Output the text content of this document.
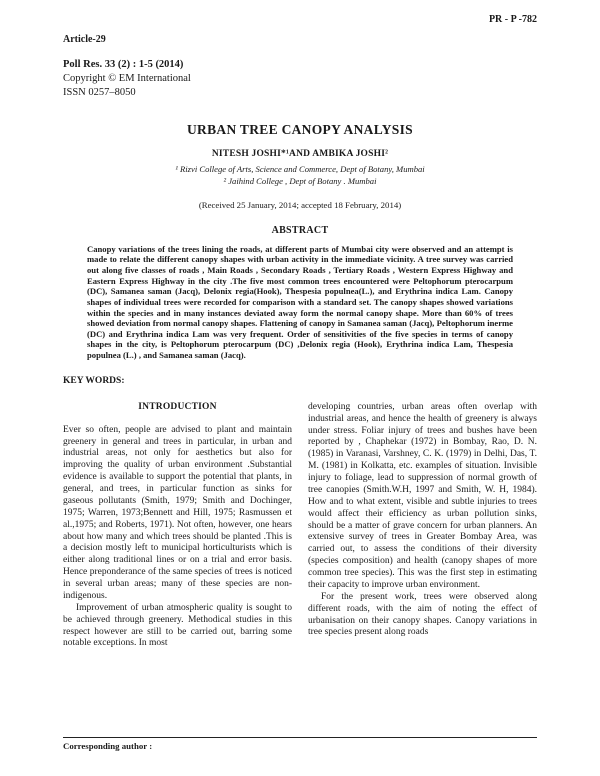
PR - P -782
Article-29
Poll Res. 33 (2) : 1-5 (2014)
Copyright © EM International
ISSN 0257–8050
URBAN TREE CANOPY ANALYSIS
NITESH JOSHI*¹AND AMBIKA JOSHI²
¹ Rizvi College of Arts, Science and Commerce, Dept of Botany, Mumbai
² Jaihind College , Dept of Botany . Mumbai
(Received 25 January, 2014; accepted 18 February, 2014)
ABSTRACT

Canopy variations of the trees lining the roads, at different parts of Mumbai city were observed and an attempt is made to relate the different canopy shapes with urban activity in the immediate vicinity. A tree survey was carried out along five classes of roads , Main Roads , Secondary Roads , Tertiary Roads , Western Express Highway and Eastern Express Highway in the city .The five most common trees encountered were Peltophorum pterocarpum (DC), Samanea saman (Jacq), Delonix regia(Hook), Thespesia populnea(L.), and Erythrina indica Lam. Canopy shapes of individual trees were recorded for comparison with a standard set. The canopy shapes showed variations within the species and in many instances deviated away form the normal canopy shape. More than 60% of trees showed deviation from normal canopy shapes. Flattening of canopy in Samanea saman (Jacq), Peltophorum inerme (DC) and Erythrina indica Lam was very frequent. Order of sensitivities of the five species in terms of canopy shapes in the city, is Peltophorum pterocarpum (DC) ,Delonix regia (Hook), Erythrina indica Lam, Thespesia populnea (L.) , and Samanea saman (Jacq).

KEY WORDS:
INTRODUCTION

Ever so often, people are advised to plant and maintain greenery in general and trees in particular, in urban and industrial areas, not only for aesthetics but also for improving the quality of urban environment .Substantial evidence is available to support the potential that plants, in general, and trees, in particular function as sinks for gaseous pollutants (Smith, 1979; Smith and Dochinger, 1975; Warren, 1973;Bennett and Hill, 1975; Rasmussen et al.,1975; and Roberts, 1971). Not often, however, one hears about how many and which trees should be planted .This is a decision mostly left to municipal horticulturists which is either along traditional lines or on a trial and error basis. Hence preponderance of the same species of trees is noticed in several urban areas; many of these species are non-indigenous.

Improvement of urban atmospheric quality is sought to be achieved through greenery. Methodical studies in this respect however are still to be carried out, barring some notable exceptions. In most

developing countries, urban areas often overlap with industrial areas, and hence the health of greenery is always under stress. Foliar injury of trees and bushes have been reported by , Chaphekar (1972) in Bombay, Rao, D. N. (1985) in Varanasi, Varshney, C. K. (1979) in Delhi, Das, T. M. (1981) in Kolkatta, etc. examples of situation. Invisible injury to foliage, lead to suppression of normal growth of tree canopies (Smith.W.H, 1997 and Smith, W. H, 1984). How and to what extent, visible and subtle injuries to trees would affect their efficiency as urban pollution sinks, should be a matter of grave concern for urban planners. An extensive survey of trees in Greater Bombay Area, was carried out, to assess the conditions of their diversity (species composition) and health (canopy shapes of more common tree species). This was the first step in estimating their capacity to improve urban environment.

For the present work, trees were observed along different roads, with the aim of noting the effect of urbanisation on their canopy shapes. Canopy variations in tree species present along roads

Corresponding author :
